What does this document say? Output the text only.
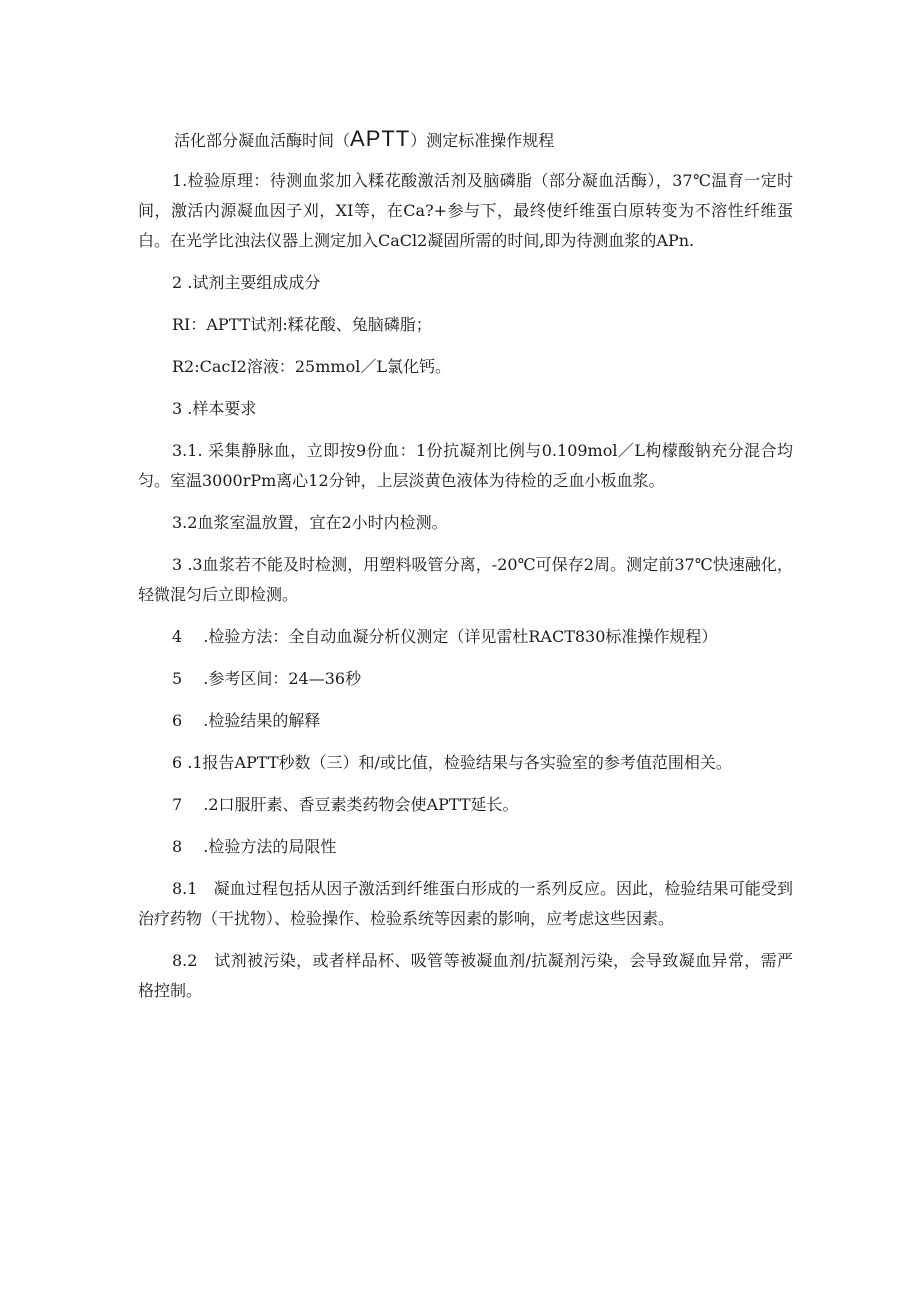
活化部分凝血活酶时间（APTT）测定标准操作规程

1.检验原理：待测血浆加入糅花酸激活剂及脑磷脂（部分凝血活酶），37℃温育一定时间，激活内源凝血因子刈，XI等，在Ca?+参与下，最终使纤维蛋白原转变为不溶性纤维蛋白。在光学比浊法仪器上测定加入CaCl2凝固所需的时间,即为待测血浆的APn.

2 .试剂主要组成成分

RI：APTT试剂:糅花酸、兔脑磷脂；

R2:CacI2溶液：25mmol／L氯化钙。

3 .样本要求

3.1. 采集静脉血，立即按9份血：1份抗凝剂比例与0.109mol／L枸檬酸钠充分混合均匀。室温3000rPm离心12分钟，上层淡黄色液体为待检的乏血小板血浆。

3.2血浆室温放置，宜在2小时内检测。

3 .3血浆若不能及时检测，用塑料吸管分离，-20℃可保存2周。测定前37℃快速融化，轻微混匀后立即检测。

4　 .检验方法：全自动血凝分析仪测定（详见雷杜RACT830标准操作规程）

5　 .参考区间：24—36秒

6　 .检验结果的解释

6 .1报告APTT秒数（三）和/或比值，检验结果与各实验室的参考值范围相关。

7　 .2口服肝素、香豆素类药物会使APTT延长。

8　 .检验方法的局限性

8.1　凝血过程包括从因子激活到纤维蛋白形成的一系列反应。因此，检验结果可能受到治疗药物（干扰物）、检验操作、检验系统等因素的影响，应考虑这些因素。

8.2　试剂被污染，或者样品杯、吸管等被凝血剂/抗凝剂污染，会导致凝血异常，需严格控制。
